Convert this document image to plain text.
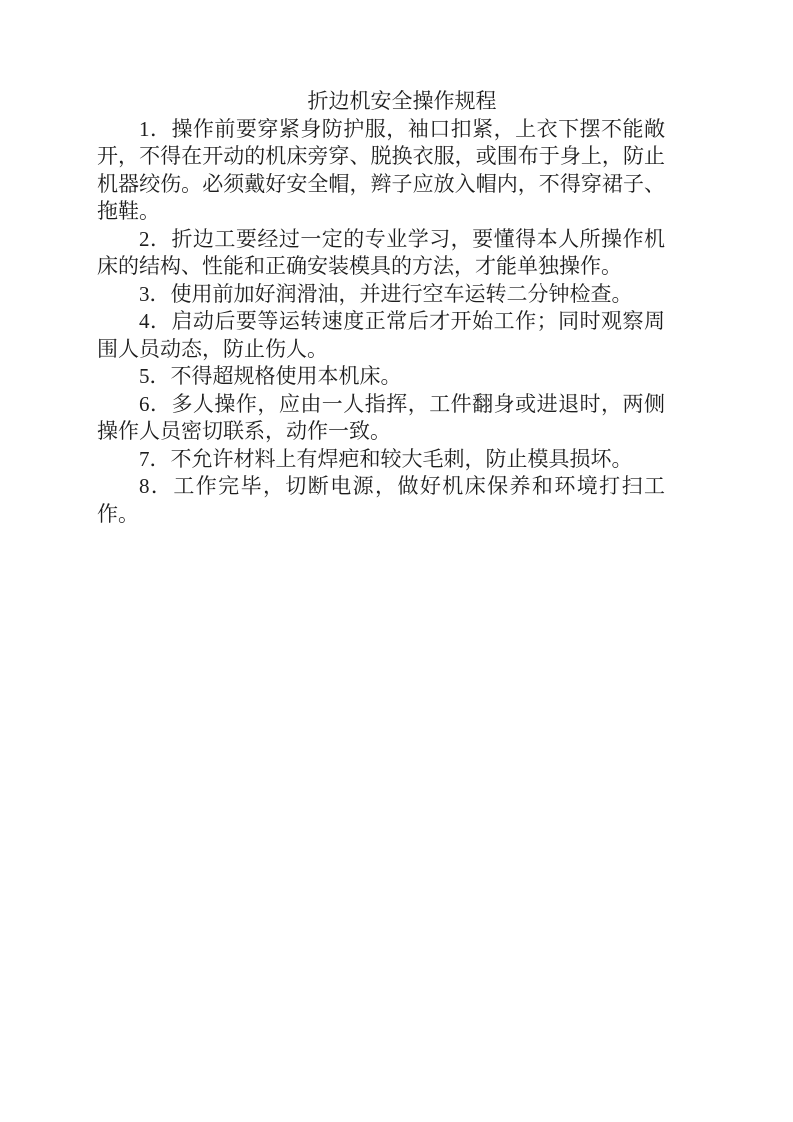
折边机安全操作规程

1．操作前要穿紧身防护服，袖口扣紧，上衣下摆不能敞开，不得在开动的机床旁穿、脱换衣服，或围布于身上，防止机器绞伤。必须戴好安全帽，辫子应放入帽内，不得穿裙子、拖鞋。

2．折边工要经过一定的专业学习，要懂得本人所操作机床的结构、性能和正确安装模具的方法，才能单独操作。

3．使用前加好润滑油，并进行空车运转二分钟检查。

4．启动后要等运转速度正常后才开始工作；同时观察周围人员动态，防止伤人。

5．不得超规格使用本机床。

6．多人操作，应由一人指挥，工件翻身或进退时，两侧操作人员密切联系，动作一致。

7．不允许材料上有焊疤和较大毛刺，防止模具损坏。

8．工作完毕，切断电源，做好机床保养和环境打扫工作。
